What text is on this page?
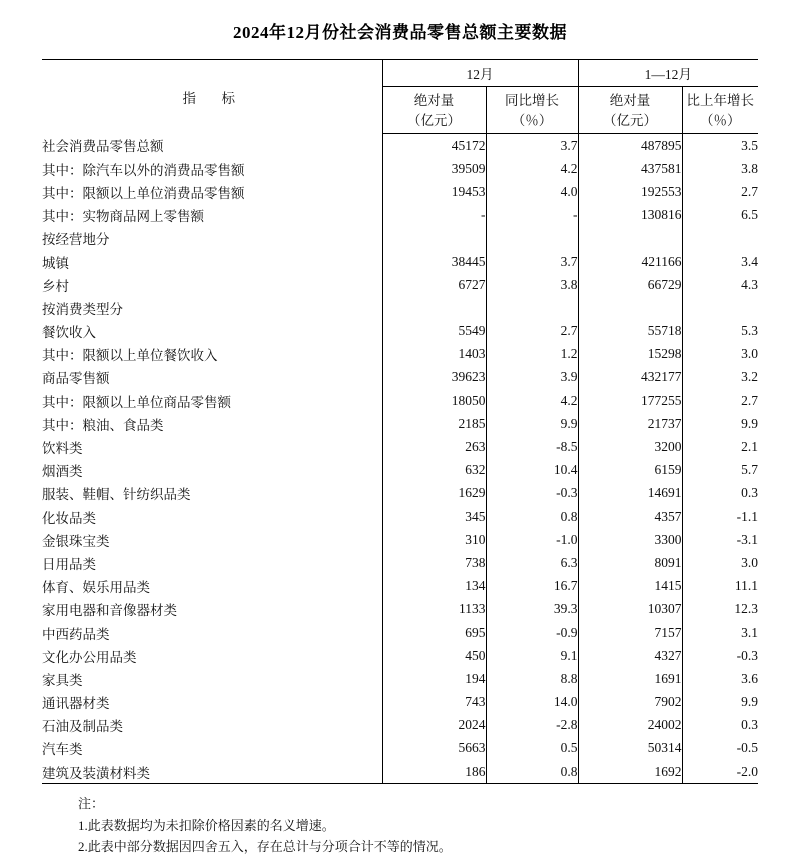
2024年12月份社会消费品零售总额主要数据
指　标	12月		1—12月	
	绝对量	同比增长	绝对量	比上年增长
	（亿元）	（％）	（亿元）	（％）
社会消费品零售总额	45172	3.7	487895	3.5
其中：除汽车以外的消费品零售额	39509	4.2	437581	3.8
其中：限额以上单位消费品零售额	19453	4.0	192553	2.7
其中：实物商品网上零售额	-	-	130816	6.5
按经营地分				
城镇	38445	3.7	421166	3.4
乡村	6727	3.8	66729	4.3
按消费类型分				
餐饮收入	5549	2.7	55718	5.3
其中：限额以上单位餐饮收入	1403	1.2	15298	3.0
商品零售额	39623	3.9	432177	3.2
其中：限额以上单位商品零售额	18050	4.2	177255	2.7
其中：粮油、食品类	2185	9.9	21737	9.9
饮料类	263	-8.5	3200	2.1
烟酒类	632	10.4	6159	5.7
服装、鞋帽、针纺织品类	1629	-0.3	14691	0.3
化妆品类	345	0.8	4357	-1.1
金银珠宝类	310	-1.0	3300	-3.1
日用品类	738	6.3	8091	3.0
体育、娱乐用品类	134	16.7	1415	11.1
家用电器和音像器材类	1133	39.3	10307	12.3
中西药品类	695	-0.9	7157	3.1
文化办公用品类	450	9.1	4327	-0.3
家具类	194	8.8	1691	3.6
通讯器材类	743	14.0	7902	9.9
石油及制品类	2024	-2.8	24002	0.3
汽车类	5663	0.5	50314	-0.5
建筑及装潢材料类	186	0.8	1692	-2.0
注：
1.此表数据均为未扣除价格因素的名义增速。
2.此表中部分数据因四舍五入，存在总计与分项合计不等的情况。
